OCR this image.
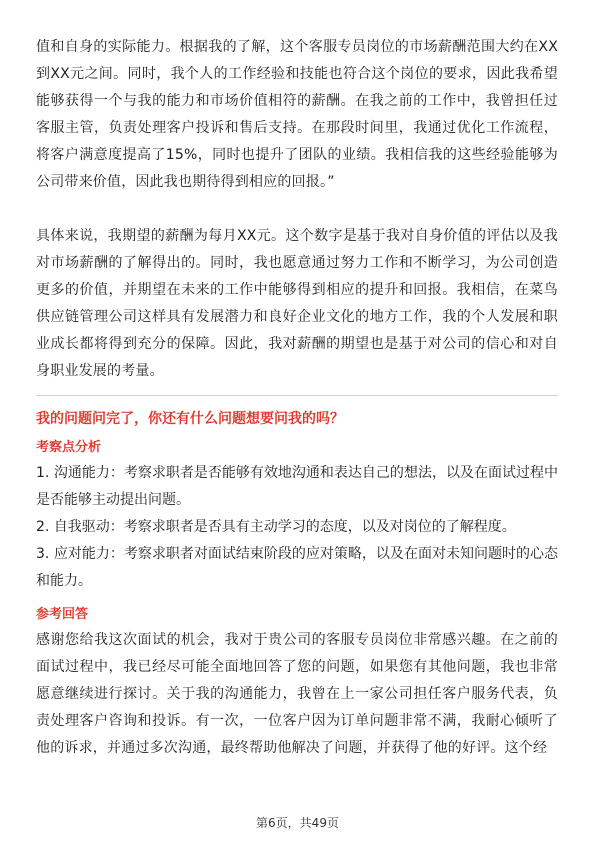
值和自身的实际能力。根据我的了解，这个客服专员岗位的市场薪酬范围大约在XX到XX元之间。同时，我个人的工作经验和技能也符合这个岗位的要求，因此我希望能够获得一个与我的能力和市场价值相符的薪酬。在我之前的工作中，我曾担任过客服主管，负责处理客户投诉和售后支持。在那段时间里，我通过优化工作流程，将客户满意度提高了15%，同时也提升了团队的业绩。我相信我的这些经验能够为公司带来价值，因此我也期待得到相应的回报。”

具体来说，我期望的薪酬为每月XX元。这个数字是基于我对自身价值的评估以及我对市场薪酬的了解得出的。同时，我也愿意通过努力工作和不断学习，为公司创造更多的价值，并期望在未来的工作中能够得到相应的提升和回报。我相信，在菜鸟供应链管理公司这样具有发展潜力和良好企业文化的地方工作，我的个人发展和职业成长都将得到充分的保障。因此，我对薪酬的期望也是基于对公司的信心和对自身职业发展的考量。

我的问题问完了，你还有什么问题想要问我的吗？
考察点分析

1. 沟通能力：考察求职者是否能够有效地沟通和表达自己的想法，以及在面试过程中是否能够主动提出问题。

2. 自我驱动：考察求职者是否具有主动学习的态度，以及对岗位的了解程度。

3. 应对能力：考察求职者对面试结束阶段的应对策略，以及在面对未知问题时的心态和能力。

参考回答

感谢您给我这次面试的机会，我对于贵公司的客服专员岗位非常感兴趣。在之前的面试过程中，我已经尽可能全面地回答了您的问题，如果您有其他问题，我也非常愿意继续进行探讨。关于我的沟通能力，我曾在上一家公司担任客户服务代表，负责处理客户咨询和投诉。有一次，一位客户因为订单问题非常不满，我耐心倾听了他的诉求，并通过多次沟通，最终帮助他解决了问题，并获得了他的好评。这个经

第6页，共49页
